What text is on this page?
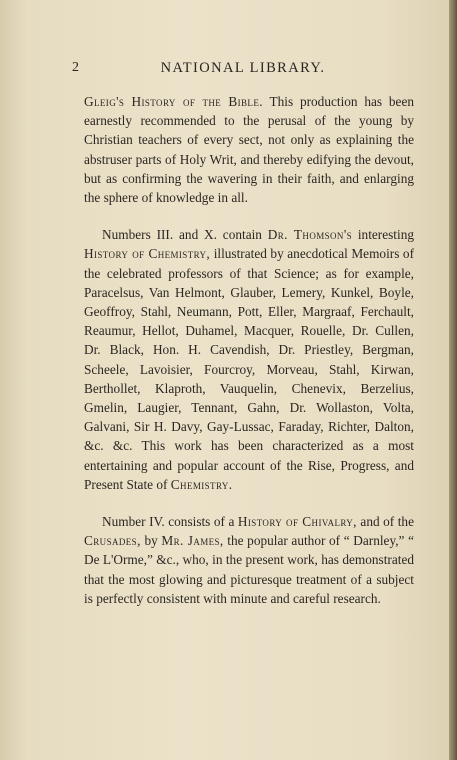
2	NATIONAL LIBRARY.

Gleig's History of the Bible. This production has been earnestly recommended to the perusal of the young by Christian teachers of every sect, not only as explaining the abstruser parts of Holy Writ, and thereby edifying the devout, but as confirming the wavering in their faith, and enlarging the sphere of knowledge in all.

Numbers III. and X. contain Dr. Thomson's interesting History of Chemistry, illustrated by anecdotical Memoirs of the celebrated professors of that Science; as for example, Paracelsus, Van Helmont, Glauber, Lemery, Kunkel, Boyle, Geoffroy, Stahl, Neumann, Pott, Eller, Margraaf, Ferchault, Reaumur, Hellot, Duhamel, Macquer, Rouelle, Dr. Cullen, Dr. Black, Hon. H. Cavendish, Dr. Priestley, Bergman, Scheele, Lavoisier, Fourcroy, Morveau, Stahl, Kirwan, Berthollet, Klaproth, Vauquelin, Chenevix, Berzelius, Gmelin, Laugier, Tennant, Gahn, Dr. Wollaston, Volta, Galvani, Sir H. Davy, Gay-Lussac, Faraday, Richter, Dalton, &c. &c. This work has been characterized as a most entertaining and popular account of the Rise, Progress, and Present State of Chemistry.

Number IV. consists of a History of Chivalry, and of the Crusades, by Mr. James, the popular author of “ Darnley,” “ De L'Orme,” &c., who, in the present work, has demonstrated that the most glowing and picturesque treatment of a subject is perfectly consistent with minute and careful research.
